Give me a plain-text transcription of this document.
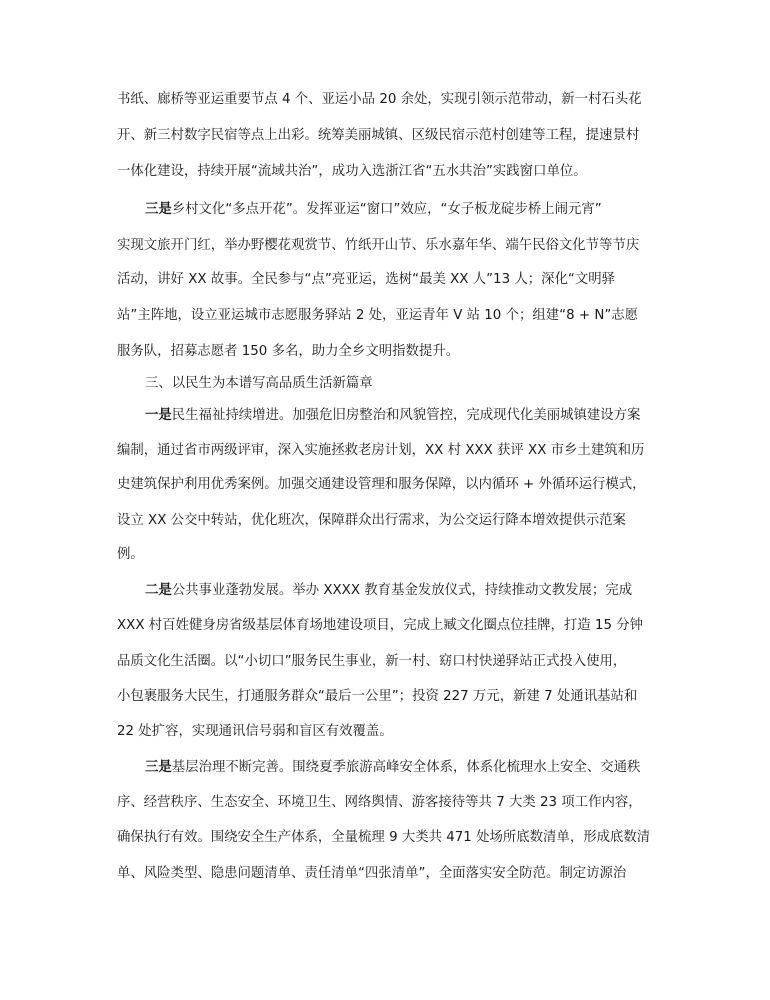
书纸、廊桥等亚运重要节点 4 个、亚运小品 20 余处，实现引领示范带动，新一村石头花
开、新三村数字民宿等点上出彩。统筹美丽城镇、区级民宿示范村创建等工程，提速景村
一体化建设，持续开展“流域共治”，成功入选浙江省“五水共治”实践窗口单位。
三是乡村文化“多点开花”。发挥亚运“窗口”效应，“女子板龙碇步桥上闹元宵”
实现文旅开门红，举办野樱花观赏节、竹纸开山节、乐水嘉年华、端午民俗文化节等节庆
活动，讲好 XX 故事。全民参与“点”亮亚运，选树“最美 XX 人”13 人；深化“文明驿
站”主阵地，设立亚运城市志愿服务驿站 2 处，亚运青年 V 站 10 个；组建“8 + N”志愿
服务队，招募志愿者 150 多名，助力全乡文明指数提升。
三、以民生为本谱写高品质生活新篇章
一是民生福祉持续增进。加强危旧房整治和风貌管控，完成现代化美丽城镇建设方案
编制，通过省市两级评审，深入实施拯救老房计划，XX 村 XXX 获评 XX 市乡土建筑和历
史建筑保护利用优秀案例。加强交通建设管理和服务保障，以内循环 + 外循环运行模式，
设立 XX 公交中转站，优化班次，保障群众出行需求，为公交运行降本增效提供示范案
例。
二是公共事业蓬勃发展。举办 XXXX 教育基金发放仪式，持续推动文教发展；完成
XXX 村百姓健身房省级基层体育场地建设项目，完成上臧文化圈点位挂牌，打造 15 分钟
品质文化生活圈。以“小切口”服务民生事业，新一村、窈口村快递驿站正式投入使用，
小包裹服务大民生，打通服务群众“最后一公里”；投资 227 万元，新建 7 处通讯基站和
22 处扩容，实现通讯信号弱和盲区有效覆盖。
三是基层治理不断完善。围绕夏季旅游高峰安全体系，体系化梳理水上安全、交通秩
序、经营秩序、生态安全、环境卫生、网络舆情、游客接待等共 7 大类 23 项工作内容，
确保执行有效。围绕安全生产体系，全量梳理 9 大类共 471 处场所底数清单，形成底数清
单、风险类型、隐患问题清单、责任清单“四张清单”，全面落实安全防范。制定访源治
